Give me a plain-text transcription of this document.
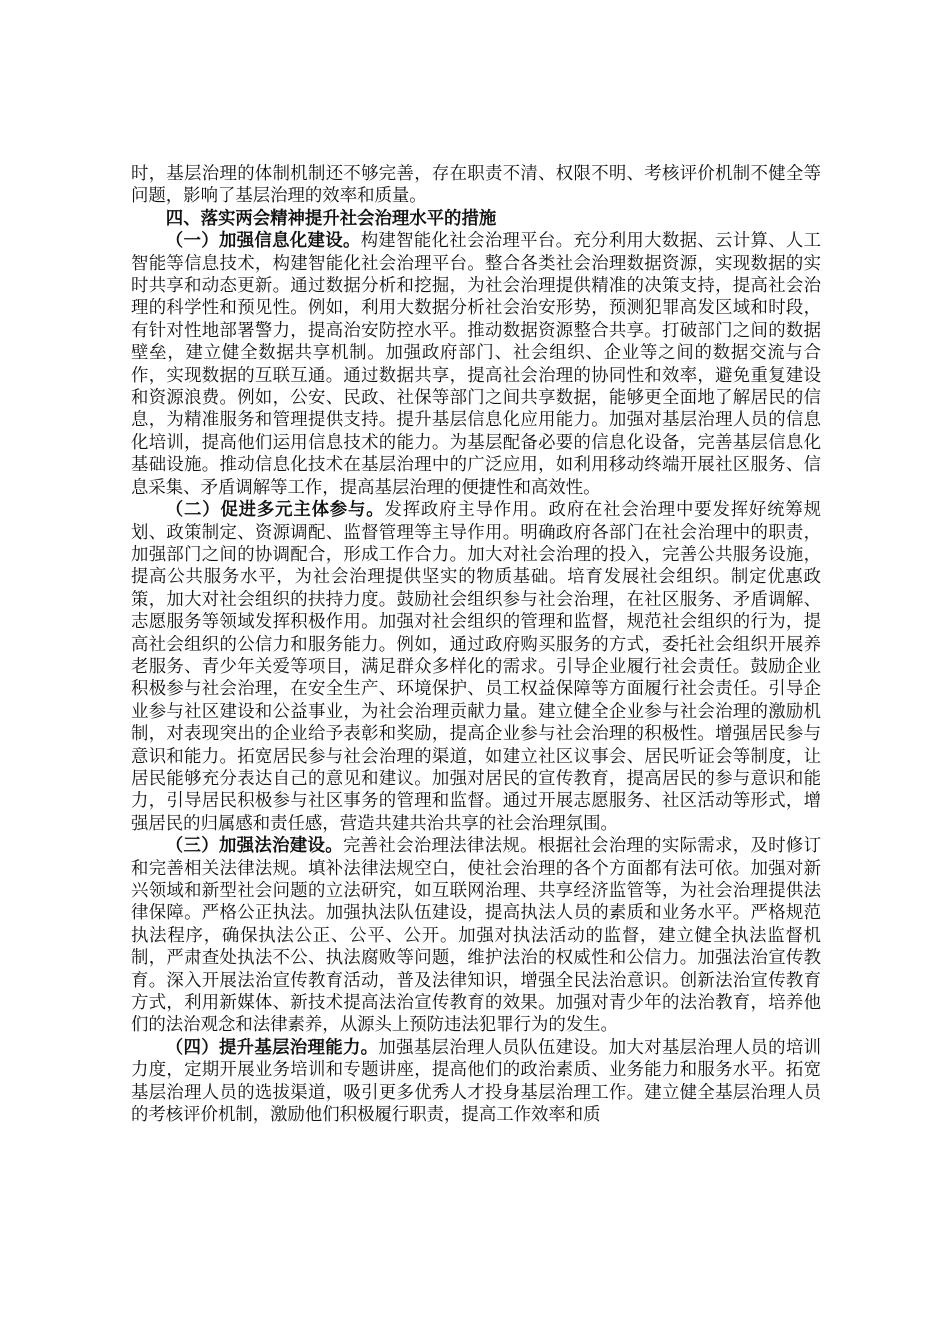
时，基层治理的体制机制还不够完善，存在职责不清、权限不明、考核评价机制不健全等问题，影响了基层治理的效率和质量。

四、落实两会精神提升社会治理水平的措施

（一）加强信息化建设。构建智能化社会治理平台。充分利用大数据、云计算、人工智能等信息技术，构建智能化社会治理平台。整合各类社会治理数据资源，实现数据的实时共享和动态更新。通过数据分析和挖掘，为社会治理提供精准的决策支持，提高社会治理的科学性和预见性。例如，利用大数据分析社会治安形势，预测犯罪高发区域和时段，有针对性地部署警力，提高治安防控水平。推动数据资源整合共享。打破部门之间的数据壁垒，建立健全数据共享机制。加强政府部门、社会组织、企业等之间的数据交流与合作，实现数据的互联互通。通过数据共享，提高社会治理的协同性和效率，避免重复建设和资源浪费。例如，公安、民政、社保等部门之间共享数据，能够更全面地了解居民的信息，为精准服务和管理提供支持。提升基层信息化应用能力。加强对基层治理人员的信息化培训，提高他们运用信息技术的能力。为基层配备必要的信息化设备，完善基层信息化基础设施。推动信息化技术在基层治理中的广泛应用，如利用移动终端开展社区服务、信息采集、矛盾调解等工作，提高基层治理的便捷性和高效性。

（二）促进多元主体参与。发挥政府主导作用。政府在社会治理中要发挥好统筹规划、政策制定、资源调配、监督管理等主导作用。明确政府各部门在社会治理中的职责，加强部门之间的协调配合，形成工作合力。加大对社会治理的投入，完善公共服务设施，提高公共服务水平，为社会治理提供坚实的物质基础。培育发展社会组织。制定优惠政策，加大对社会组织的扶持力度。鼓励社会组织参与社会治理，在社区服务、矛盾调解、志愿服务等领域发挥积极作用。加强对社会组织的管理和监督，规范社会组织的行为，提高社会组织的公信力和服务能力。例如，通过政府购买服务的方式，委托社会组织开展养老服务、青少年关爱等项目，满足群众多样化的需求。引导企业履行社会责任。鼓励企业积极参与社会治理，在安全生产、环境保护、员工权益保障等方面履行社会责任。引导企业参与社区建设和公益事业，为社会治理贡献力量。建立健全企业参与社会治理的激励机制，对表现突出的企业给予表彰和奖励，提高企业参与社会治理的积极性。增强居民参与意识和能力。拓宽居民参与社会治理的渠道，如建立社区议事会、居民听证会等制度，让居民能够充分表达自己的意见和建议。加强对居民的宣传教育，提高居民的参与意识和能力，引导居民积极参与社区事务的管理和监督。通过开展志愿服务、社区活动等形式，增强居民的归属感和责任感，营造共建共治共享的社会治理氛围。

（三）加强法治建设。完善社会治理法律法规。根据社会治理的实际需求，及时修订和完善相关法律法规。填补法律法规空白，使社会治理的各个方面都有法可依。加强对新兴领域和新型社会问题的立法研究，如互联网治理、共享经济监管等，为社会治理提供法律保障。严格公正执法。加强执法队伍建设，提高执法人员的素质和业务水平。严格规范执法程序，确保执法公正、公平、公开。加强对执法活动的监督，建立健全执法监督机制，严肃查处执法不公、执法腐败等问题，维护法治的权威性和公信力。加强法治宣传教育。深入开展法治宣传教育活动，普及法律知识，增强全民法治意识。创新法治宣传教育方式，利用新媒体、新技术提高法治宣传教育的效果。加强对青少年的法治教育，培养他们的法治观念和法律素养，从源头上预防违法犯罪行为的发生。

（四）提升基层治理能力。加强基层治理人员队伍建设。加大对基层治理人员的培训力度，定期开展业务培训和专题讲座，提高他们的政治素质、业务能力和服务水平。拓宽基层治理人员的选拔渠道，吸引更多优秀人才投身基层治理工作。建立健全基层治理人员的考核评价机制，激励他们积极履行职责，提高工作效率和质
